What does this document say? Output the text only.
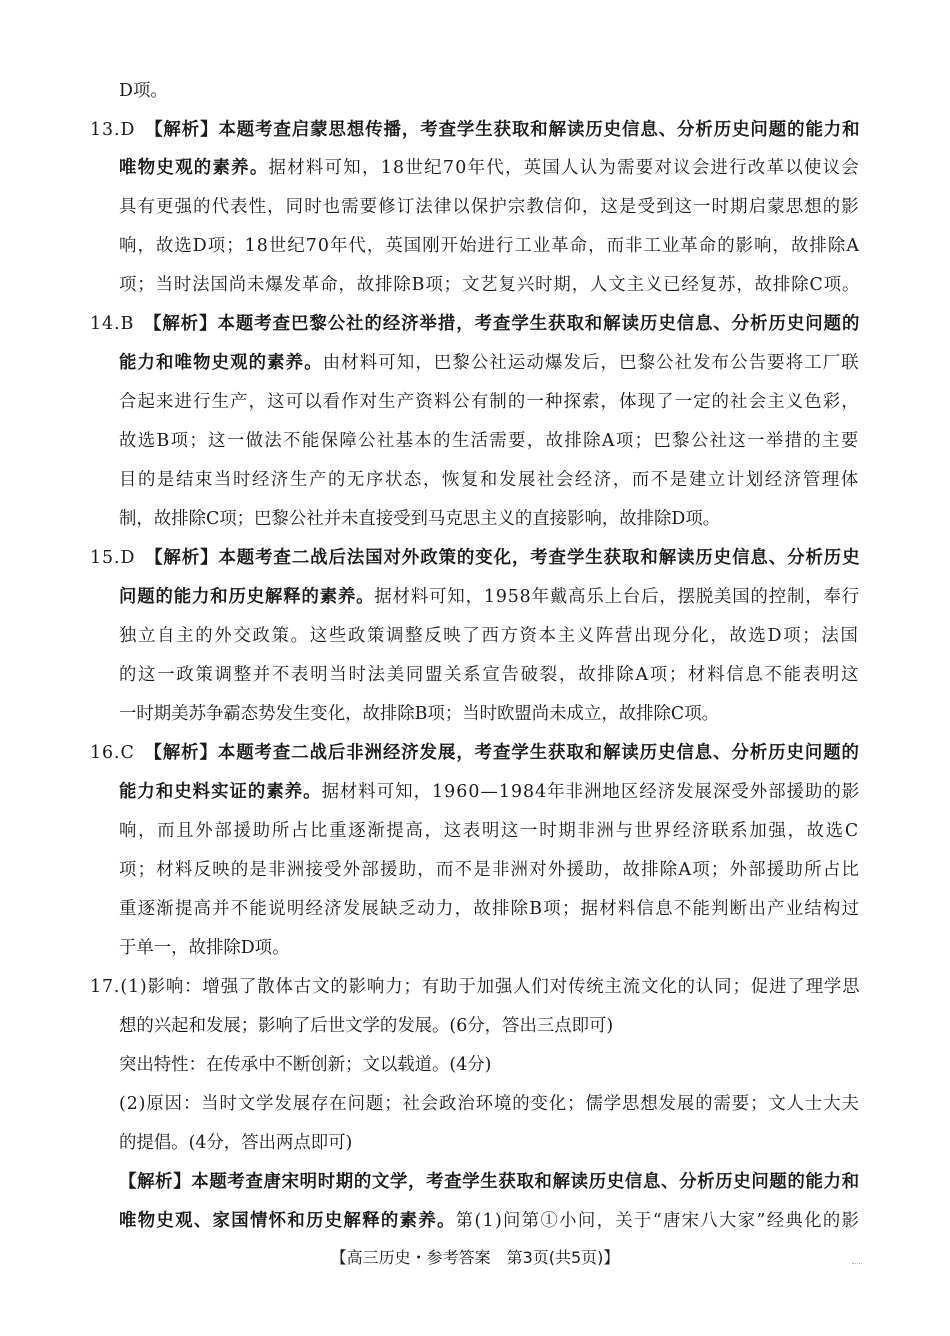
D项。
13.D　【解析】本题考查启蒙思想传播，考查学生获取和解读历史信息、分析历史问题的能力和
唯物史观的素养。据材料可知，18世纪70年代，英国人认为需要对议会进行改革以使议会
具有更强的代表性，同时也需要修订法律以保护宗教信仰，这是受到这一时期启蒙思想的影
响，故选D项；18世纪70年代，英国刚开始进行工业革命，而非工业革命的影响，故排除A
项；当时法国尚未爆发革命，故排除B项；文艺复兴时期，人文主义已经复苏，故排除C项。
14.B　【解析】本题考查巴黎公社的经济举措，考查学生获取和解读历史信息、分析历史问题的
能力和唯物史观的素养。由材料可知，巴黎公社运动爆发后，巴黎公社发布公告要将工厂联
合起来进行生产，这可以看作对生产资料公有制的一种探索，体现了一定的社会主义色彩，
故选B项；这一做法不能保障公社基本的生活需要，故排除A项；巴黎公社这一举措的主要
目的是结束当时经济生产的无序状态，恢复和发展社会经济，而不是建立计划经济管理体
制，故排除C项；巴黎公社并未直接受到马克思主义的直接影响，故排除D项。
15.D　【解析】本题考查二战后法国对外政策的变化，考查学生获取和解读历史信息、分析历史
问题的能力和历史解释的素养。据材料可知，1958年戴高乐上台后，摆脱美国的控制，奉行
独立自主的外交政策。这些政策调整反映了西方资本主义阵营出现分化，故选D项；法国
的这一政策调整并不表明当时法美同盟关系宣告破裂，故排除A项；材料信息不能表明这
一时期美苏争霸态势发生变化，故排除B项；当时欧盟尚未成立，故排除C项。
16.C　【解析】本题考查二战后非洲经济发展，考查学生获取和解读历史信息、分析历史问题的
能力和史料实证的素养。据材料可知，1960—1984年非洲地区经济发展深受外部援助的影
响，而且外部援助所占比重逐渐提高，这表明这一时期非洲与世界经济联系加强，故选C
项；材料反映的是非洲接受外部援助，而不是非洲对外援助，故排除A项；外部援助所占比
重逐渐提高并不能说明经济发展缺乏动力，故排除B项；据材料信息不能判断出产业结构过
于单一，故排除D项。
17.(1)影响：增强了散体古文的影响力；有助于加强人们对传统主流文化的认同；促进了理学思
想的兴起和发展；影响了后世文学的发展。(6分，答出三点即可)
突出特性：在传承中不断创新；文以载道。(4分)
(2)原因：当时文学发展存在问题；社会政治环境的变化；儒学思想发展的需要；文人士大夫
的提倡。(4分，答出两点即可)
【解析】本题考查唐宋明时期的文学，考查学生获取和解读历史信息、分析历史问题的能力和
唯物史观、家国情怀和历史解释的素养。第(1)问第①小问，关于“唐宋八大家”经典化的影
【高三历史・参考答案　第3页(共5页)】
